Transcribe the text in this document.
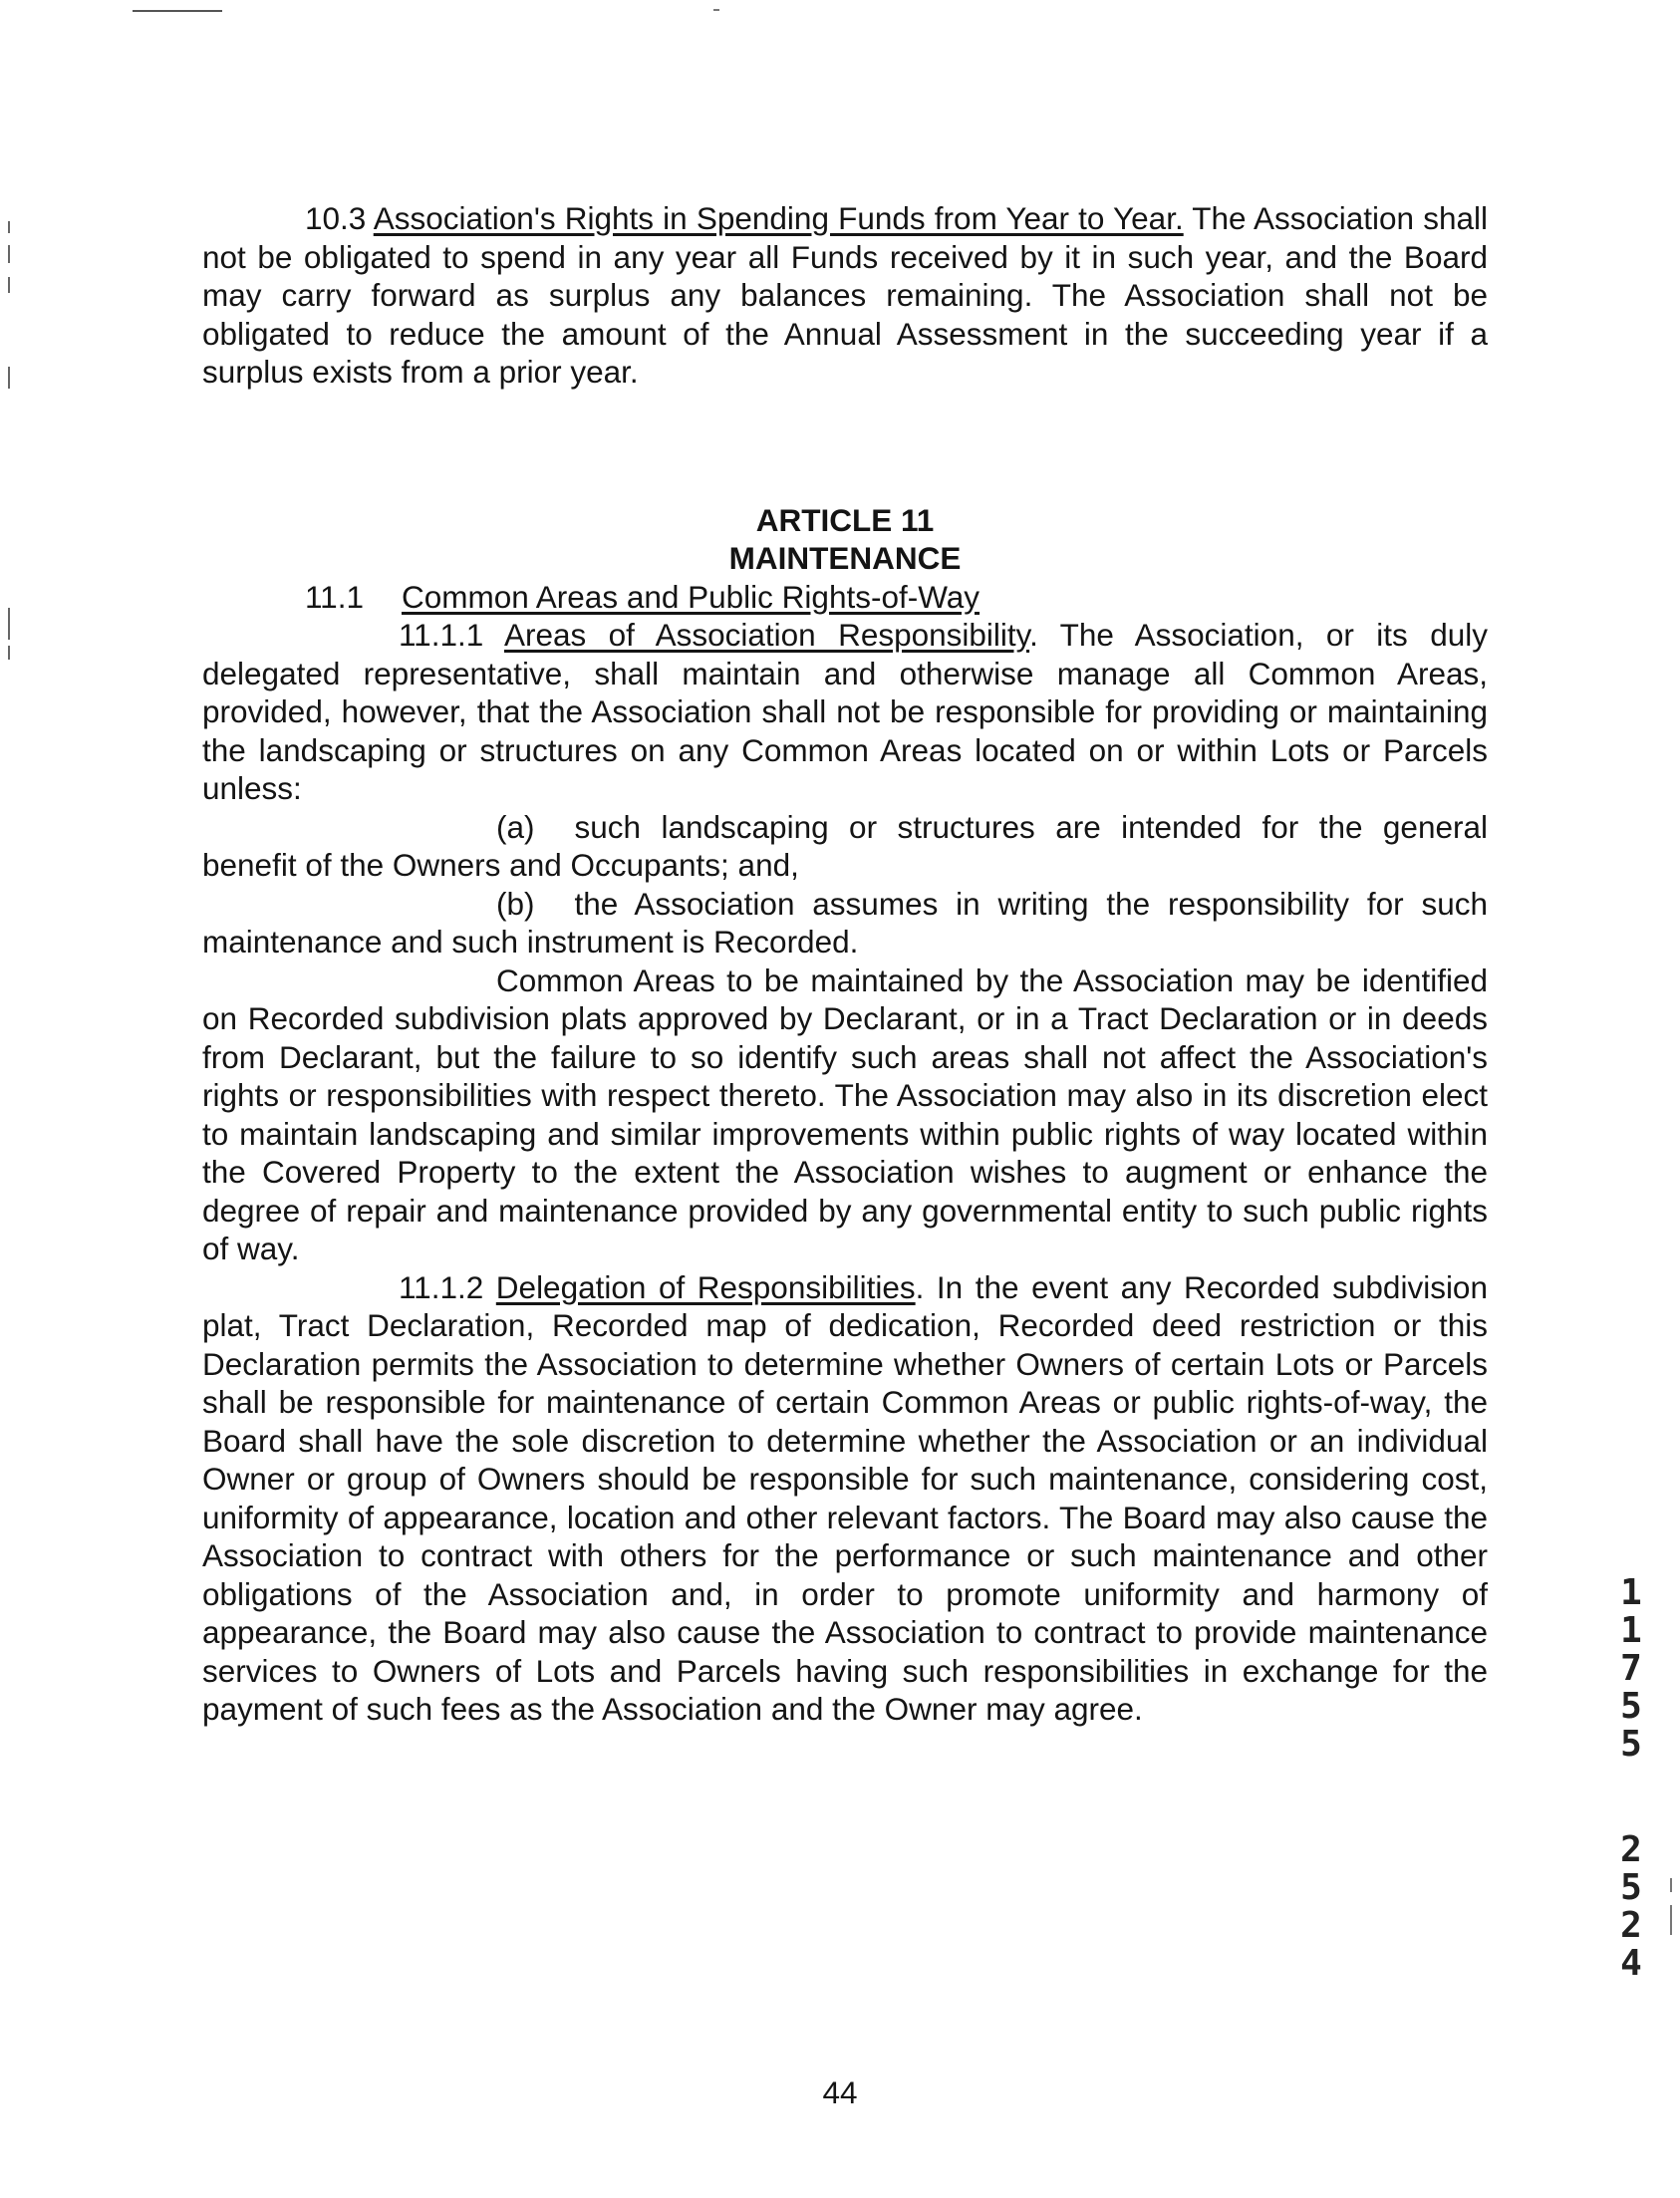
10.3 Association's Rights in Spending Funds from Year to Year. The Association shall not be obligated to spend in any year all Funds received by it in such year, and the Board may carry forward as surplus any balances remaining. The Association shall not be obligated to reduce the amount of the Annual Assessment in the succeeding year if a surplus exists from a prior year.

ARTICLE 11
MAINTENANCE

11.1 Common Areas and Public Rights-of-Way

11.1.1 Areas of Association Responsibility. The Association, or its duly delegated representative, shall maintain and otherwise manage all Common Areas, provided, however, that the Association shall not be responsible for providing or maintaining the landscaping or structures on any Common Areas located on or within Lots or Parcels unless:

(a) such landscaping or structures are intended for the general benefit of the Owners and Occupants; and,

(b) the Association assumes in writing the responsibility for such maintenance and such instrument is Recorded.

Common Areas to be maintained by the Association may be identified on Recorded subdivision plats approved by Declarant, or in a Tract Declaration or in deeds from Declarant, but the failure to so identify such areas shall not affect the Association's rights or responsibilities with respect thereto. The Association may also in its discretion elect to maintain landscaping and similar improvements within public rights of way located within the Covered Property to the extent the Association wishes to augment or enhance the degree of repair and maintenance provided by any governmental entity to such public rights of way.

11.1.2 Delegation of Responsibilities. In the event any Recorded subdivision plat, Tract Declaration, Recorded map of dedication, Recorded deed restriction or this Declaration permits the Association to determine whether Owners of certain Lots or Parcels shall be responsible for maintenance of certain Common Areas or public rights-of-way, the Board shall have the sole discretion to determine whether the Association or an individual Owner or group of Owners should be responsible for such maintenance, considering cost, uniformity of appearance, location and other relevant factors. The Board may also cause the Association to contract with others for the performance or such maintenance and other obligations of the Association and, in order to promote uniformity and harmony of appearance, the Board may also cause the Association to contract to provide maintenance services to Owners of Lots and Parcels having such responsibilities in exchange for the payment of such fees as the Association and the Owner may agree.

44
1
1
7
5
5
2
5
2
4
